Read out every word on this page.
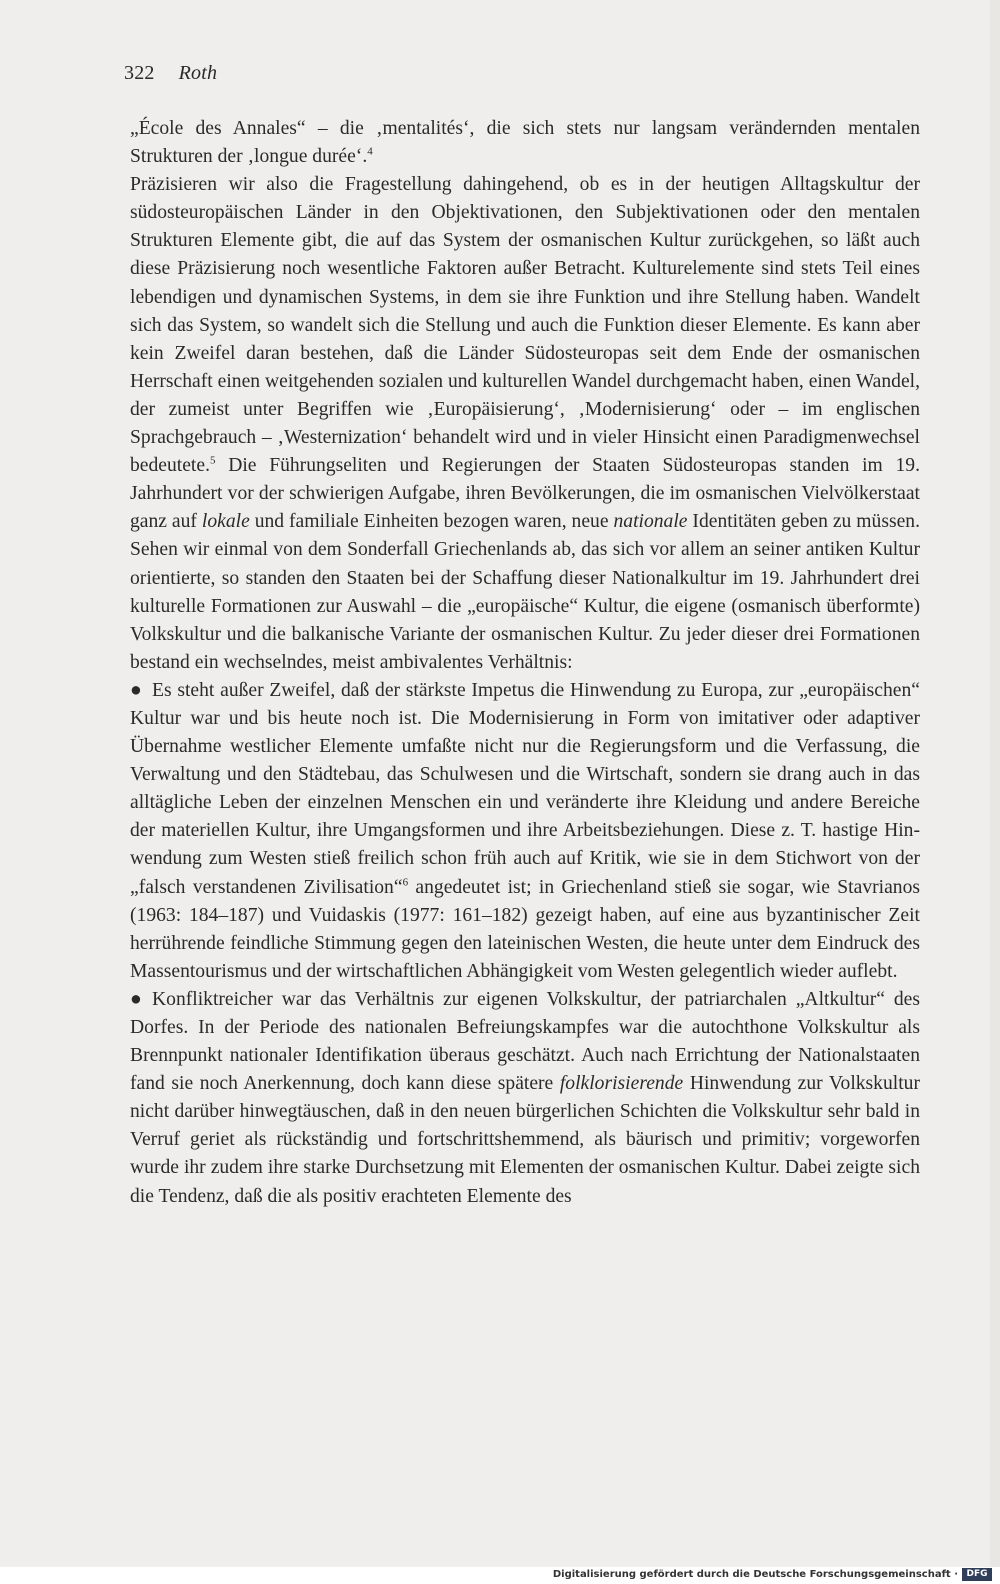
322 Roth

„École des Annales“ – die ‚mentalités‘, die sich stets nur langsam verändernden mentalen Strukturen der ‚longue durée‘.$^4$

Präzisieren wir also die Fragestellung dahingehend, ob es in der heutigen Alltagskultur der südosteuropäischen Länder in den Objektivationen, den Subjektivationen oder den mentalen Strukturen Elemente gibt, die auf das System der osmanischen Kultur zurückgehen, so läßt auch diese Präzisierung noch wesentliche Faktoren außer Betracht. Kulturelemente sind stets Teil eines lebendigen und dynamischen Systems, in dem sie ihre Funktion und ihre Stellung haben. Wandelt sich das System, so wandelt sich die Stellung und auch die Funktion dieser Elemente. Es kann aber kein Zweifel daran bestehen, daß die Länder Südosteuropas seit dem Ende der osmanischen Herrschaft einen weitgehenden sozialen und kulturellen Wandel durchgemacht haben, einen Wandel, der zumeist unter Begriffen wie ‚Europäisierung‘, ‚Modernisierung‘ oder – im englischen Sprachgebrauch – ‚Westernization‘ behandelt wird und in vieler Hinsicht einen Paradigmenwechsel bedeutete.$^5$ Die Führungseliten und Regierungen der Staaten Südosteuropas standen im 19. Jahrhundert vor der schwierigen Aufgabe, ihren Bevölkerungen, die im osmanischen Vielvölkerstaat ganz auf lokale und familiale Einheiten bezogen waren, neue nationale Identitäten geben zu müssen. Sehen wir einmal von dem Sonderfall Griechenlands ab, das sich vor allem an seiner antiken Kultur orientierte, so standen den Staaten bei der Schaffung dieser Nationalkultur im 19. Jahrhundert drei kulturelle Formationen zur Auswahl – die „europäische“ Kultur, die eigene (osmanisch überformte) Volkskultur und die balkanische Variante der osmanischen Kultur. Zu jeder dieser drei Formationen bestand ein wechselndes, meist ambivalentes Verhältnis:

● Es steht außer Zweifel, daß der stärkste Impetus die Hinwendung zu Europa, zur „europäischen“ Kultur war und bis heute noch ist. Die Modernisierung in Form von imitativer oder adaptiver Übernahme westlicher Elemente umfaßte nicht nur die Regierungsform und die Verfassung, die Verwaltung und den Städtebau, das Schulwesen und die Wirtschaft, sondern sie drang auch in das alltägliche Leben der einzelnen Menschen ein und veränderte ihre Kleidung und andere Bereiche der materiellen Kultur, ihre Umgangsformen und ihre Arbeitsbeziehungen. Diese z. T. hastige Hinwendung zum Westen stieß freilich schon früh auch auf Kritik, wie sie in dem Stichwort von der „falsch verstandenen Zivilisation“$^6$ angedeutet ist; in Griechenland stieß sie sogar, wie Stavrianos (1963: 184–187) und Vuidaskis (1977: 161–182) gezeigt haben, auf eine aus byzantinischer Zeit herrührende feindliche Stimmung gegen den lateinischen Westen, die heute unter dem Eindruck des Massentourismus und der wirtschaftlichen Abhängigkeit vom Westen gelegentlich wieder auflebt.

● Konfliktreicher war das Verhältnis zur eigenen Volkskultur, der patriarchalen „Altkultur“ des Dorfes. In der Periode des nationalen Befreiungskampfes war die autochthone Volkskultur als Brennpunkt nationaler Identifikation überaus geschätzt. Auch nach Errichtung der Nationalstaaten fand sie noch Anerkennung, doch kann diese spätere folklorisierende Hinwendung zur Volkskultur nicht darüber hinwegtäuschen, daß in den neuen bürgerlichen Schichten die Volkskultur sehr bald in Verruf geriet als rückständig und fortschrittshemmend, als bäurisch und primitiv; vorgeworfen wurde ihr zudem ihre starke Durchsetzung mit Elementen der osmanischen Kultur. Dabei zeigte sich die Tendenz, daß die als positiv erachteten Elemente des

Digitalisierung gefördert durch die Deutsche Forschungsgemeinschaft · DFG
